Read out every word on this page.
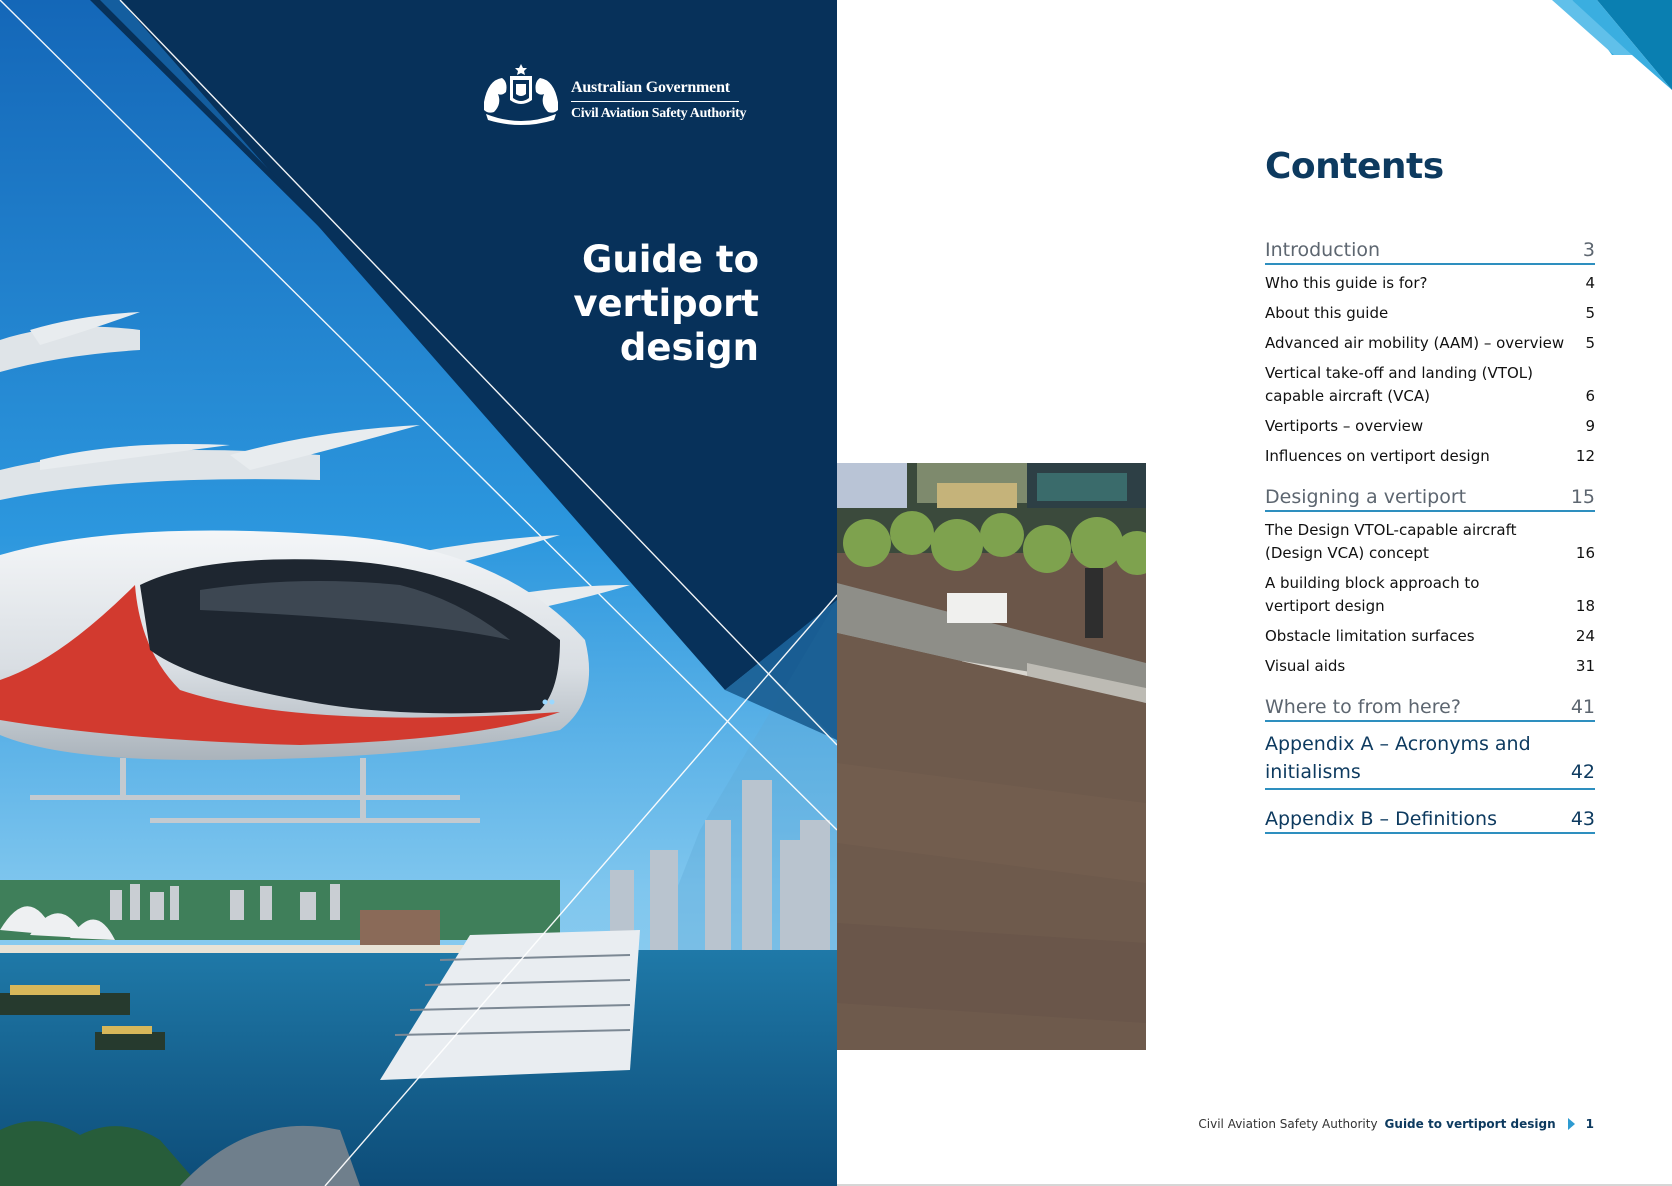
Australian Government
Civil Aviation Safety Authority
Guide to
vertiport
design
Contents
Introduction	3
Who this guide is for?	4
About this guide	5
Advanced air mobility (AAM) – overview	5
Vertical take-off and landing (VTOL) capable aircraft (VCA)	6
Vertiports – overview	9
Influences on vertiport design	12
Designing a vertiport	15
The Design VTOL-capable aircraft (Design VCA) concept	16
A building block approach to vertiport design	18
Obstacle limitation surfaces	24
Visual aids	31
Where to from here?	41
Appendix A – Acronyms and initialisms	42
Appendix B – Definitions	43
Civil Aviation Safety Authority Guide to vertiport design	1
